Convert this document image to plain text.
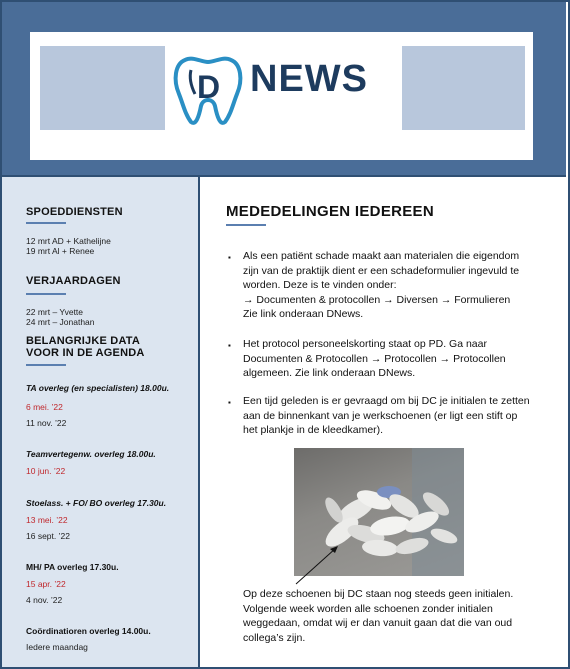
D NEWS
SPOEDDIENSTEN
12 mrt AD + Kathelijne
19 mrt Al + Renee
VERJAARDAGEN
22 mrt – Yvette
24 mrt – Jonathan
BELANGRIJKE DATA
VOOR IN DE AGENDA
TA overleg (en specialisten) 18.00u.
6 mei. ’22
11 nov. ’22
Teamvertegenw. overleg 18.00u.
10 jun. ’22
Stoelass. + FO/ BO overleg 17.30u.
13 mei. ’22
16 sept. ’22
MH/ PA overleg 17.30u.
15 apr. ’22
4 nov. ’22
Coördinatioren overleg 14.00u.
Iedere maandag
MEDEDELINGEN IEDEREEN
▪ Als een patiënt schade maakt aan materialen die eigendom
zijn van de praktijk dient er een schadeformulier ingevuld te
worden. Deze is te vinden onder:
→ Documenten & protocollen → Diversen → Formulieren
Zie link onderaan DNews.
▪ Het protocol personeelskorting staat op PD. Ga naar
Documenten & Protocollen → Protocollen → Protocollen
algemeen. Zie link onderaan DNews.
▪ Een tijd geleden is er gevraagd om bij DC je initialen te zetten
aan de binnenkant van je werkschoenen (er ligt een stift op
het plankje in de kleedkamer).
Op deze schoenen bij DC staan nog steeds geen initialen.
Volgende week worden alle schoenen zonder initialen
weggedaan, omdat wij er dan vanuit gaan dat die van oud
collega’s zijn.
